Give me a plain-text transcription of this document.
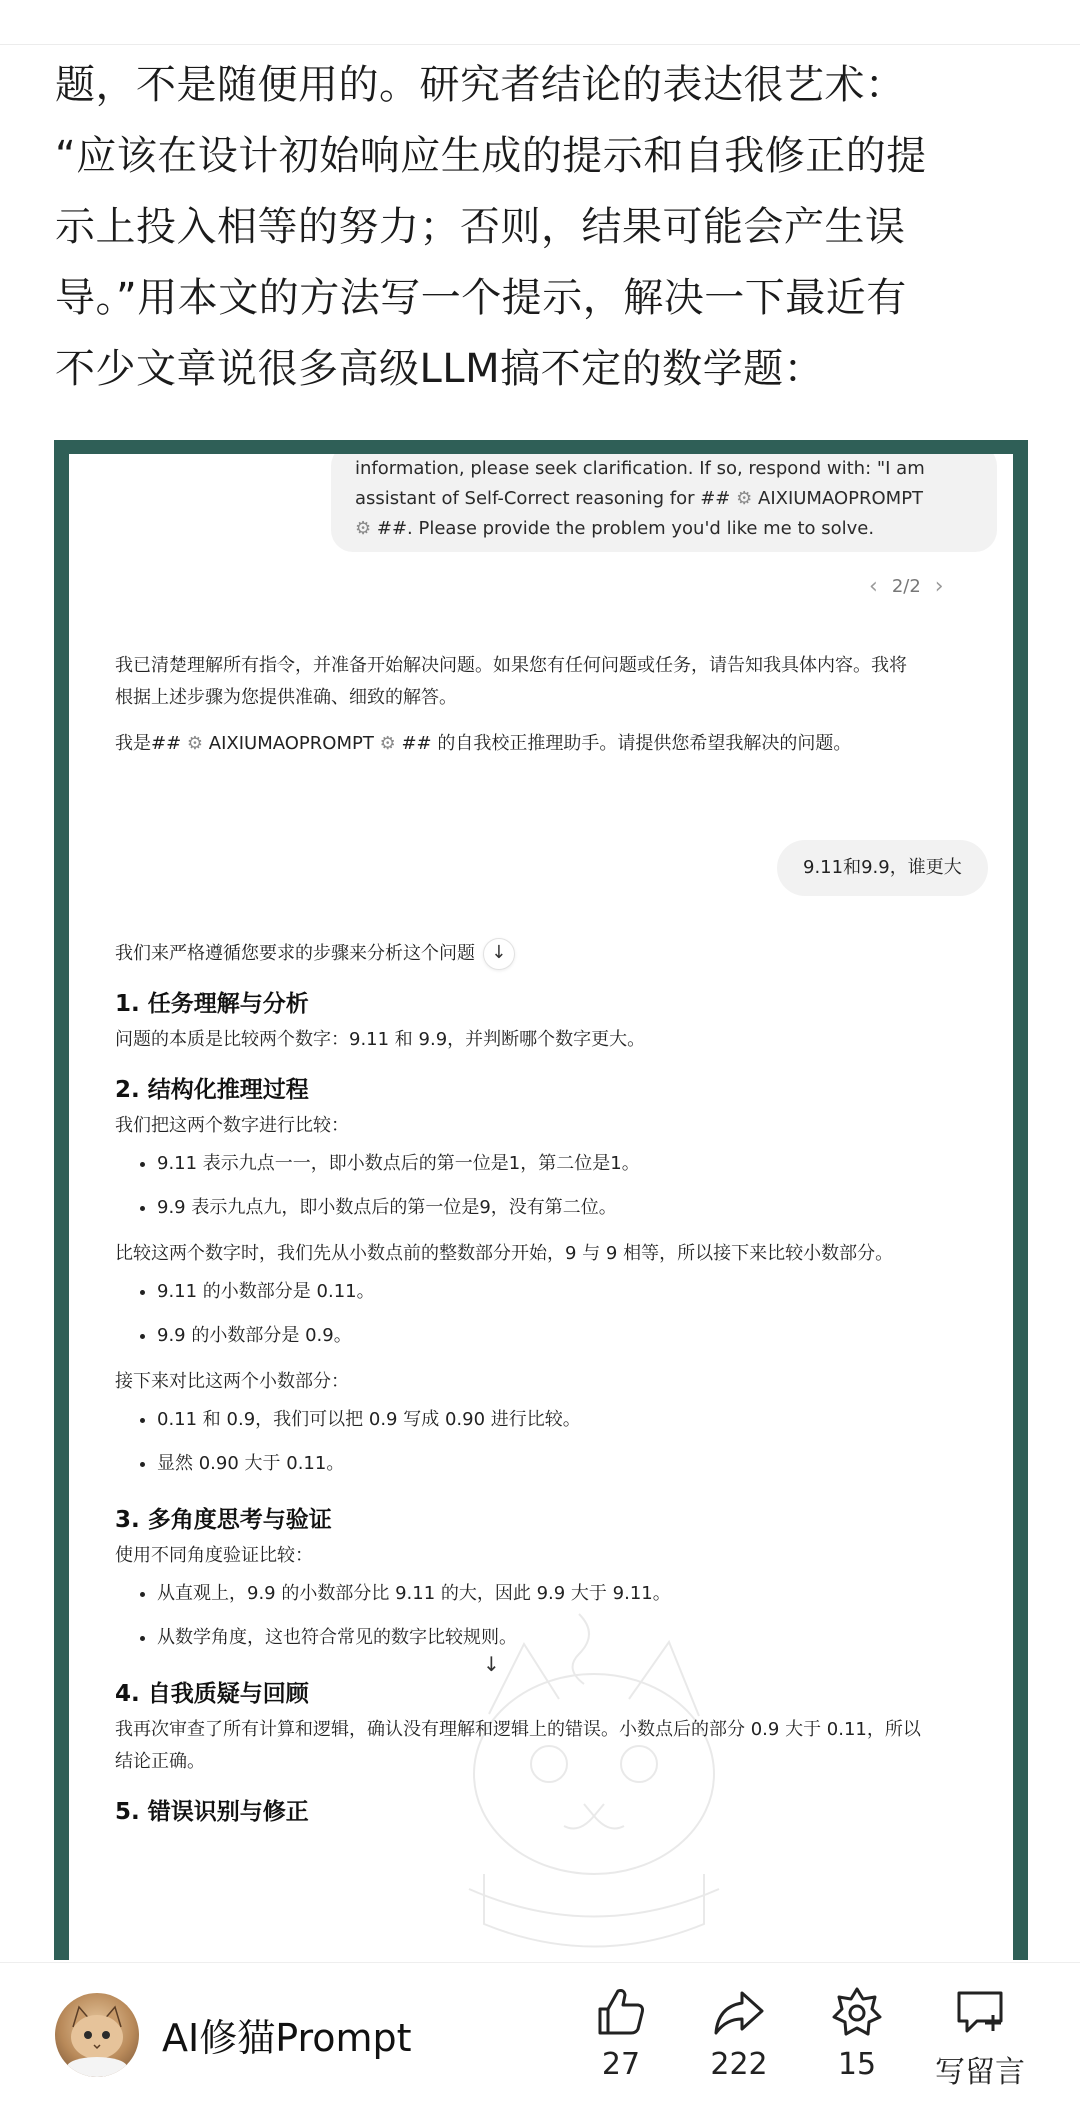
题，不是随便用的。研究者结论的表达很艺术：

“应该在设计初始响应生成的提示和自我修正的提

示上投入相等的努力；否则，结果可能会产生误

导。”用本文的方法写一个提示，解决一下最近有

不少文章说很多高级LLM搞不定的数学题：

information, please seek clarification. If so, respond with: "I am
assistant of Self-Correct reasoning for ## ⚙ AIXIUMAOPROMPT
⚙ ##. Please provide the problem you'd like me to solve.
‹ 2/2 ›

我已清楚理解所有指令，并准备开始解决问题。如果您有任何问题或任务，请告知我具体内容。我将

根据上述步骤为您提供准确、细致的解答。

我是## ⚙ AIXIUMAOPROMPT ⚙ ## 的自我校正推理助手。请提供您希望我解决的问题。

9.11和9.9，谁更大

我们来严格遵循您要求的步骤来分析这个问题 ↓

1. 任务理解与分析

问题的本质是比较两个数字：9.11 和 9.9，并判断哪个数字更大。

2. 结构化推理过程

我们把这两个数字进行比较：

• 9.11 表示九点一一，即小数点后的第一位是1，第二位是1。
• 9.9 表示九点九，即小数点后的第一位是9，没有第二位。

比较这两个数字时，我们先从小数点前的整数部分开始，9 与 9 相等，所以接下来比较小数部分。

• 9.11 的小数部分是 0.11。
• 9.9 的小数部分是 0.9。

接下来对比这两个小数部分：

• 0.11 和 0.9，我们可以把 0.9 写成 0.90 进行比较。
• 显然 0.90 大于 0.11。
3. 多角度思考与验证

使用不同角度验证比较：

• 从直观上，9.9 的小数部分比 9.11 的大，因此 9.9 大于 9.11。
• 从数学角度，这也符合常见的数字比较规则。
4. 自我质疑与回顾

我再次审查了所有计算和逻辑，确认没有理解和逻辑上的错误。小数点后的部分 0.9 大于 0.11，所以

结论正确。

5. 错误识别与修正
↓
AI修猫Prompt
27	222	15	写留言
